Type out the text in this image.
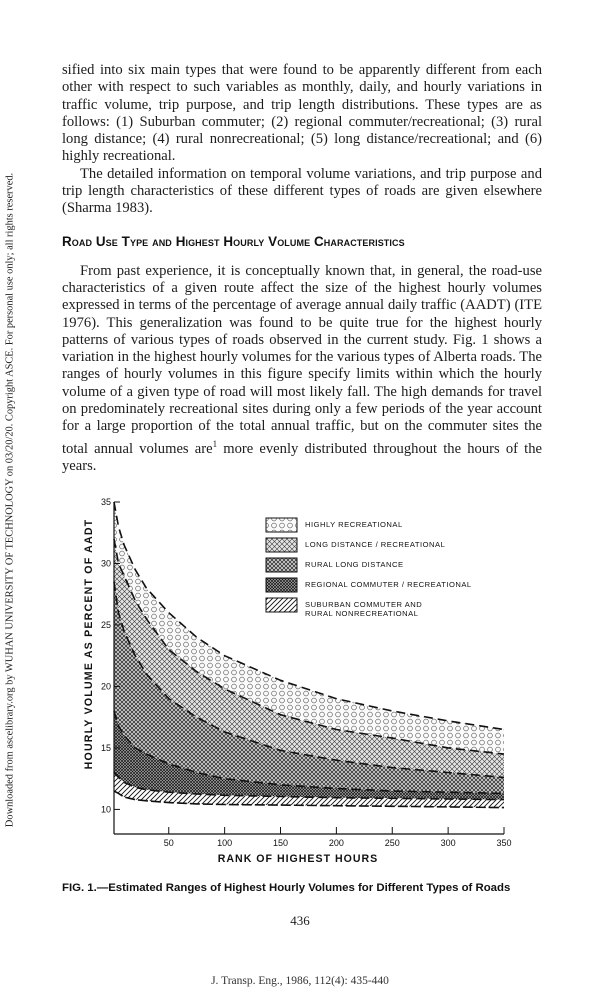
Downloaded from ascelibrary.org by WUHAN UNIVERSITY OF TECHNOLOGY on 03/20/20. Copyright ASCE. For personal use only; all rights reserved.

sified into six main types that were found to be apparently different from each other with respect to such variables as monthly, daily, and hourly variations in traffic volume, trip purpose, and trip length distributions. These types are as follows: (1) Suburban commuter; (2) regional commuter/recreational; (3) rural long distance; (4) rural nonrecreational; (5) long distance/recreational; and (6) highly recreational.

The detailed information on temporal volume variations, and trip purpose and trip length characteristics of these different types of roads are given elsewhere (Sharma 1983).

Road Use Type and Highest Hourly Volume Characteristics

From past experience, it is conceptually known that, in general, the road-use characteristics of a given route affect the size of the highest hourly volumes expressed in terms of the percentage of average annual daily traffic (AADT) (ITE 1976). This generalization was found to be quite true for the highest hourly patterns of various types of roads observed in the current study. Fig. 1 shows a variation in the highest hourly volumes for the various types of Alberta roads. The ranges of hourly volumes in this figure specify limits within which the hourly volume of a given type of road will most likely fall. The high demands for travel on predominately recreational sites during only a few periods of the year account for a large proportion of the total annual traffic, but on the commuter sites the total annual volumes are$^1$ more evenly distributed throughout the hours of the years.

10
15
20
25
30
35
50	100	150	200	250	300	350
HOURLY VOLUME AS PERCENT OF AADT
RANK OF HIGHEST HOURS
HIGHLY RECREATIONAL
LONG DISTANCE / RECREATIONAL
RURAL LONG DISTANCE
REGIONAL COMMUTER / RECREATIONAL
SUBURBAN COMMUTER AND
RURAL NONRECREATIONAL

FIG. 1.—Estimated Ranges of Highest Hourly Volumes for Different Types of Roads

436
J. Transp. Eng., 1986, 112(4): 435-440
